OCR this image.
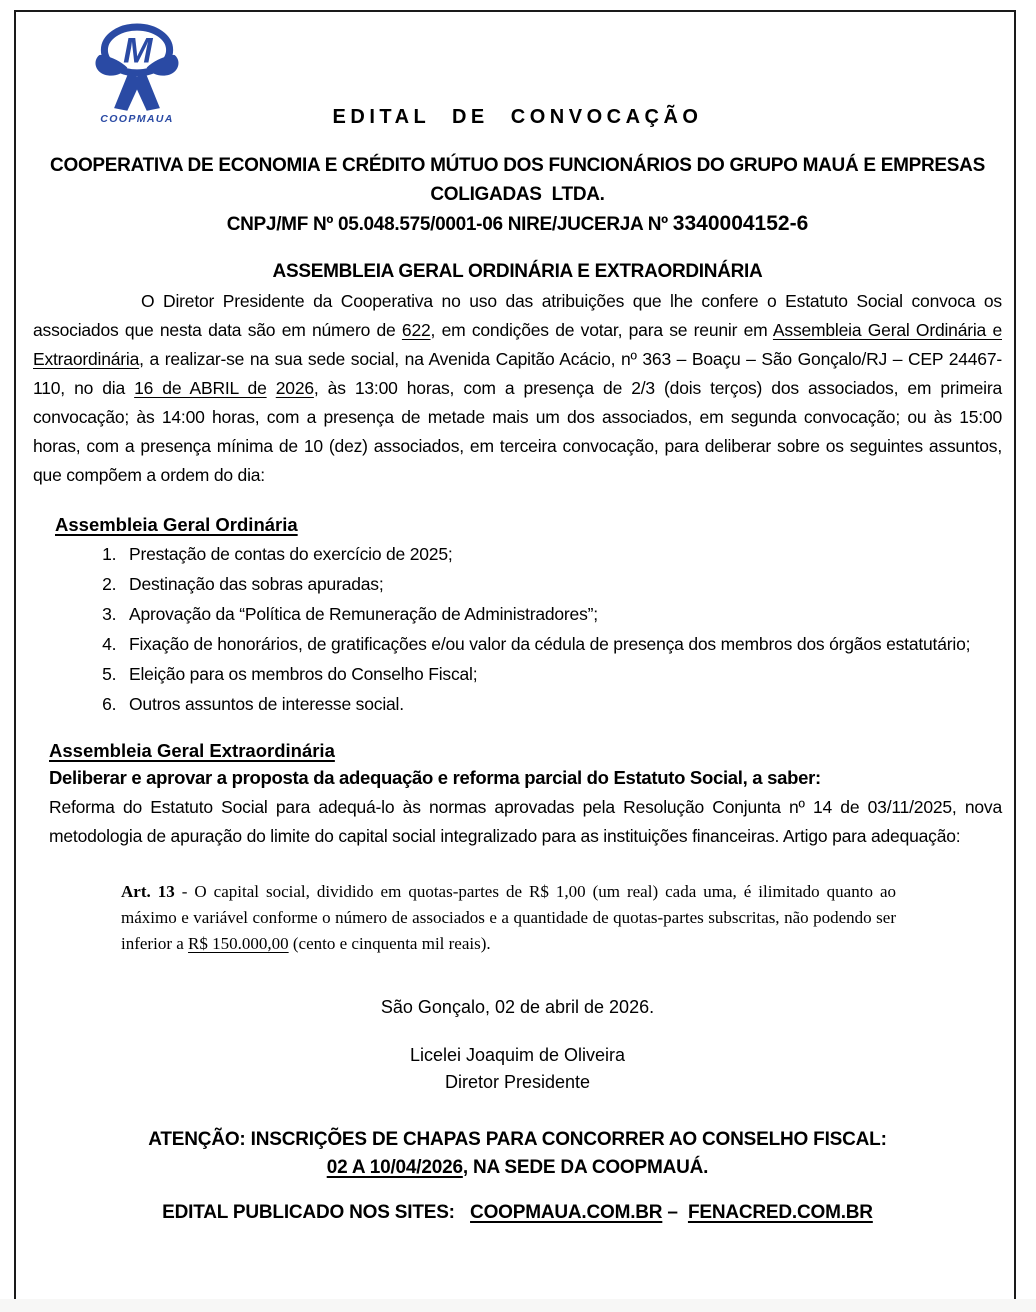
M
COOPMAUA	EDITAL DE CONVOCAÇÃO
COOPERATIVA DE ECONOMIA E CRÉDITO MÚTUO DOS FUNCIONÁRIOS DO GRUPO MAUÁ E EMPRESAS
COLIGADAS  LTDA.
CNPJ/MF Nº 05.048.575/0001-06 NIRE/JUCERJA Nº 3340004152-6
ASSEMBLEIA GERAL ORDINÁRIA E EXTRAORDINÁRIA

O Diretor Presidente da Cooperativa no uso das atribuições que lhe confere o Estatuto Social convoca os associados que nesta data são em número de 622, em condições de votar, para se reunir em Assembleia Geral Ordinária e Extraordinária, a realizar-se na sua sede social, na Avenida Capitão Acácio, nº 363 – Boaçu – São Gonçalo/RJ – CEP 24467-110, no dia 16 de ABRIL de 2026, às 13:00 horas, com a presença de 2/3 (dois terços) dos associados, em primeira convocação; às 14:00 horas, com a presença de metade mais um dos associados, em segunda convocação; ou às 15:00 horas, com a presença mínima de 10 (dez) associados, em terceira convocação, para deliberar sobre os seguintes assuntos, que compõem a ordem do dia:

Assembleia Geral Ordinária
1. Prestação de contas do exercício de 2025;
2. Destinação das sobras apuradas;
3. Aprovação da “Política de Remuneração de Administradores”;
4. Fixação de honorários, de gratificações e/ou valor da cédula de presença dos membros dos órgãos estatutário;
5. Eleição para os membros do Conselho Fiscal;
6. Outros assuntos de interesse social.
Assembleia Geral Extraordinária
Deliberar e aprovar a proposta da adequação e reforma parcial do Estatuto Social, a saber:

Reforma do Estatuto Social para adequá-lo às normas aprovadas pela Resolução Conjunta nº 14 de 03/11/2025, nova metodologia de apuração do limite do capital social integralizado para as instituições financeiras. Artigo para adequação:

Art. 13 - O capital social, dividido em quotas-partes de R$ 1,00 (um real) cada uma, é ilimitado quanto ao máximo e variável conforme o número de associados e a quantidade de quotas-partes subscritas, não podendo ser inferior a R$ 150.000,00 (cento e cinquenta mil reais).

São Gonçalo, 02 de abril de 2026.
Licelei Joaquim de Oliveira
Diretor Presidente
ATENÇÃO: INSCRIÇÕES DE CHAPAS PARA CONCORRER AO CONSELHO FISCAL:
02 A 10/04/2026, NA SEDE DA COOPMAUÁ.
EDITAL PUBLICADO NOS SITES:   COOPMAUA.COM.BR –  FENACRED.COM.BR
